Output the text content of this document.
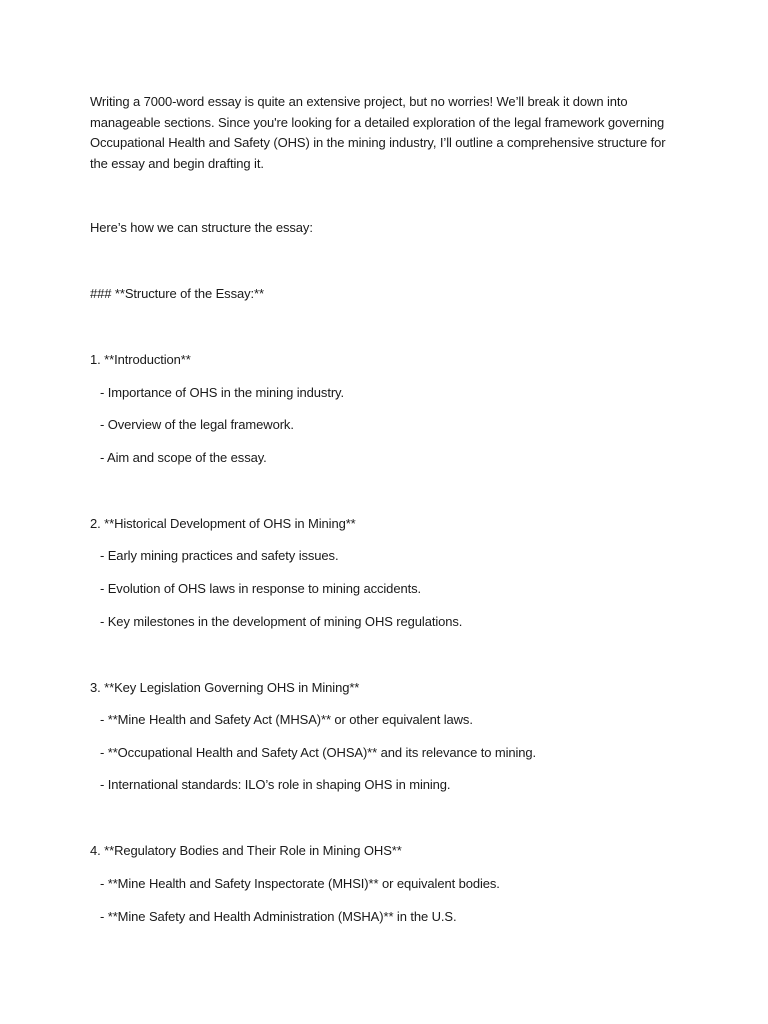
Writing a 7000-word essay is quite an extensive project, but no worries! We’ll break it down into manageable sections. Since you're looking for a detailed exploration of the legal framework governing Occupational Health and Safety (OHS) in the mining industry, I’ll outline a comprehensive structure for the essay and begin drafting it.

Here’s how we can structure the essay:

### **Structure of the Essay:**

1. **Introduction**

- Importance of OHS in the mining industry.

- Overview of the legal framework.

- Aim and scope of the essay.

2. **Historical Development of OHS in Mining**

- Early mining practices and safety issues.

- Evolution of OHS laws in response to mining accidents.

- Key milestones in the development of mining OHS regulations.

3. **Key Legislation Governing OHS in Mining**

- **Mine Health and Safety Act (MHSA)** or other equivalent laws.

- **Occupational Health and Safety Act (OHSA)** and its relevance to mining.

- International standards: ILO’s role in shaping OHS in mining.

4. **Regulatory Bodies and Their Role in Mining OHS**

- **Mine Health and Safety Inspectorate (MHSI)** or equivalent bodies.

- **Mine Safety and Health Administration (MSHA)** in the U.S.
